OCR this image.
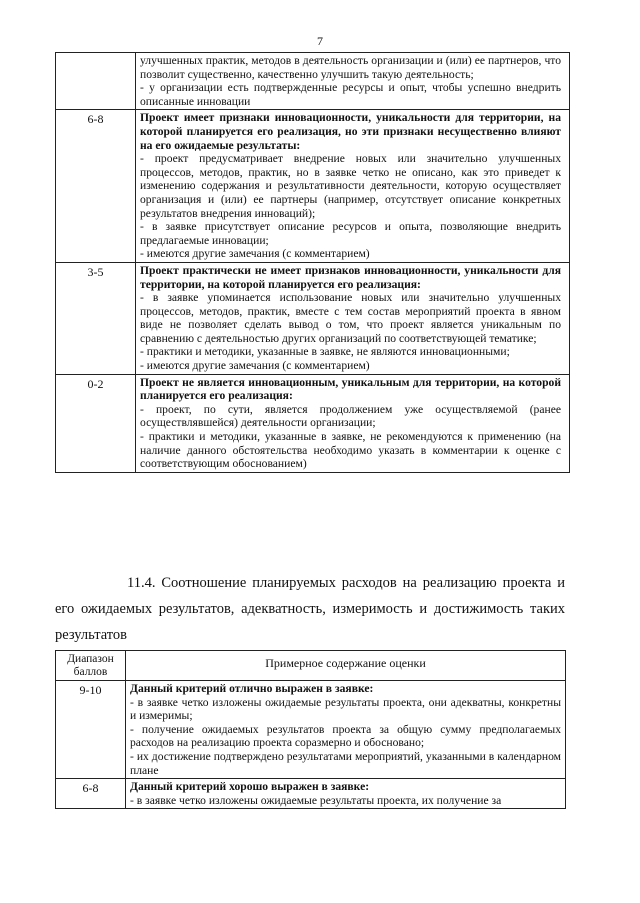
7

	улучшенных практик, методов в деятельность организации и (или) ее партнеров, что позволит существенно, качественно улучшить такую деятельность;

- у организации есть подтвержденные ресурсы и опыт, чтобы успешно внедрить описанные инновации

6-8	Проект имеет признаки инновационности, уникальности для территории, на которой планируется его реализация, но эти признаки несущественно влияют на его ожидаемые результаты:

- проект предусматривает внедрение новых или значительно улучшенных процессов, методов, практик, но в заявке четко не описано, как это приведет к изменению содержания и результативности деятельности, которую осуществляет организация и (или) ее партнеры (например, отсутствует описание конкретных результатов внедрения инноваций);

- в заявке присутствует описание ресурсов и опыта, позволяющие внедрить предлагаемые инновации;

- имеются другие замечания (с комментарием)

3-5	Проект практически не имеет признаков инновационности, уникальности для территории, на которой планируется его реализация:

- в заявке упоминается использование новых или значительно улучшенных процессов, методов, практик, вместе с тем состав мероприятий проекта в явном виде не позволяет сделать вывод о том, что проект является уникальным по сравнению с деятельностью других организаций по соответствующей тематике;

- практики и методики, указанные в заявке, не являются инновационными;

- имеются другие замечания (с комментарием)

0-2	Проект не является инновационным, уникальным для территории, на которой планируется его реализация:

- проект, по сути, является продолжением уже осуществляемой (ранее осуществлявшейся) деятельности организации;

- практики и методики, указанные в заявке, не рекомендуются к применению (на наличие данного обстоятельства необходимо указать в комментарии к оценке с соответствующим обоснованием)

11.4. Соотношение планируемых расходов на реализацию проекта и его ожидаемых результатов, адекватность, измеримость и достижимость таких результатов

Диапазон баллов	Примерное содержание оценки
9-10	Данный критерий отлично выражен в заявке:

- в заявке четко изложены ожидаемые результаты проекта, они адекватны, конкретны и измеримы;

- получение ожидаемых результатов проекта за общую сумму предполагаемых расходов на реализацию проекта соразмерно и обосновано;

- их достижение подтверждено результатами мероприятий, указанными в календарном плане

6-8	Данный критерий хорошо выражен в заявке:

- в заявке четко изложены ожидаемые результаты проекта, их получение за
